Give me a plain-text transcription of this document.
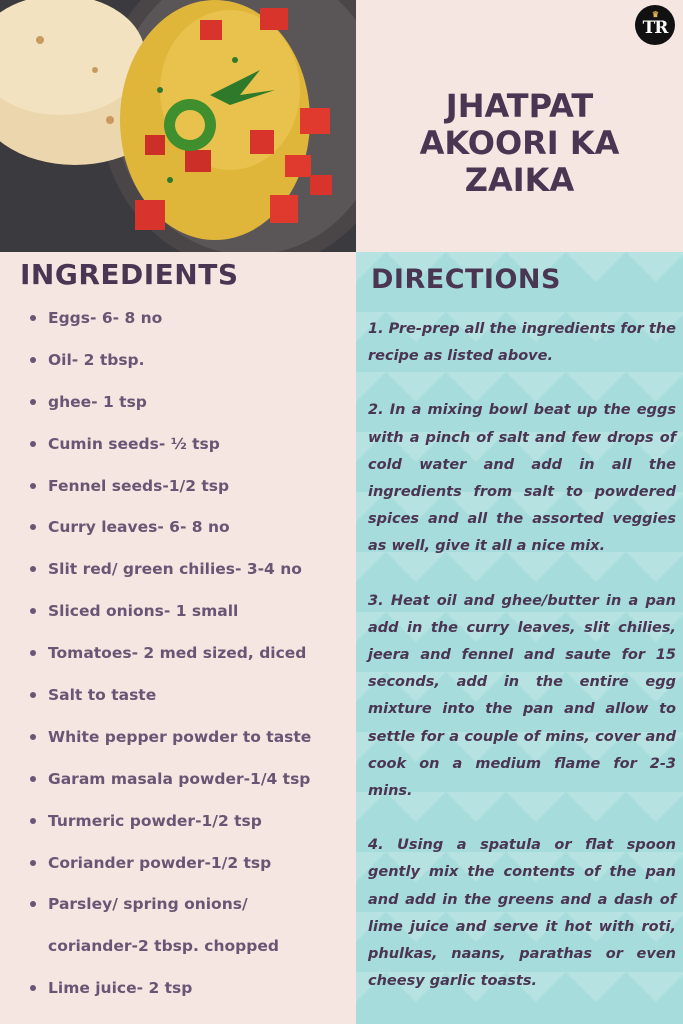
♛
TR
JHATPAT
AKOORI KA
ZAIKA
INGREDIENTS
Eggs- 6- 8 no
Oil- 2 tbsp.
ghee- 1 tsp
Cumin seeds- ½ tsp
Fennel seeds-1/2 tsp
Curry leaves- 6- 8 no
Slit red/ green chilies- 3-4 no
Sliced onions- 1 small
Tomatoes- 2 med sized, diced
Salt to taste
White pepper powder to taste
Garam masala powder-1/4 tsp
Turmeric powder-1/2 tsp
Coriander powder-1/2 tsp
Parsley/ spring onions/
coriander-2 tbsp. chopped
Lime juice- 2 tsp
DIRECTIONS

1. Pre-prep all the ingredients for the recipe as listed above.

2. In a mixing bowl beat up the eggs with a pinch of salt and few drops of cold water and add in all the ingredients from salt to powdered spices and all the assorted veggies as well, give it all a nice mix.

3. Heat oil and ghee/butter in a pan add in the curry leaves, slit chilies, jeera and fennel and saute for 15 seconds, add in the entire egg mixture into the pan and allow to settle for a couple of mins, cover and cook on a medium flame for 2-3 mins.

4. Using a spatula or flat spoon gently mix the contents of the pan and add in the greens and a dash of lime juice and serve it hot with roti, phulkas, naans, parathas or even cheesy garlic toasts.
